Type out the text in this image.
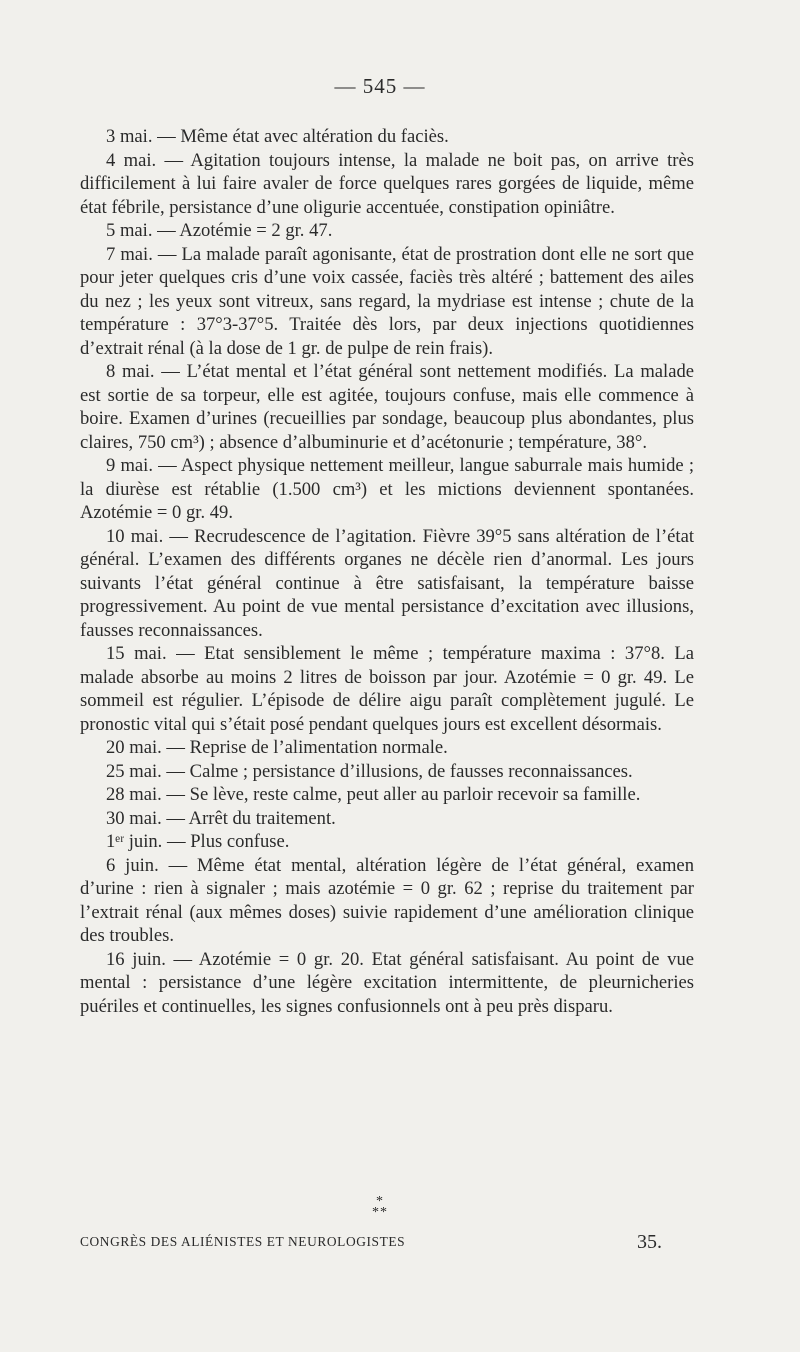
— 545 —

3 mai. — Même état avec altération du faciès.

4 mai. — Agitation toujours intense, la malade ne boit pas, on arrive très difficilement à lui faire avaler de force quelques rares gorgées de liquide, même état fébrile, persistance d’une oligurie accentuée, constipation opiniâtre.

5 mai. — Azotémie = 2 gr. 47.

7 mai. — La malade paraît agonisante, état de prostration dont elle ne sort que pour jeter quelques cris d’une voix cassée, faciès très altéré ; battement des ailes du nez ; les yeux sont vitreux, sans regard, la mydriase est intense ; chute de la température : 37°3-37°5. Traitée dès lors, par deux injections quotidiennes d’extrait rénal (à la dose de 1 gr. de pulpe de rein frais).

8 mai. — L’état mental et l’état général sont nettement modifiés. La malade est sortie de sa torpeur, elle est agitée, toujours confuse, mais elle commence à boire. Examen d’urines (recueillies par sondage, beaucoup plus abondantes, plus claires, 750 cm³) ; absence d’albuminurie et d’acétonurie ; température, 38°.

9 mai. — Aspect physique nettement meilleur, langue saburrale mais humide ; la diurèse est rétablie (1.500 cm³) et les mictions deviennent spontanées. Azotémie = 0 gr. 49.

10 mai. — Recrudescence de l’agitation. Fièvre 39°5 sans altération de l’état général. L’examen des différents organes ne décèle rien d’anormal. Les jours suivants l’état général continue à être satisfaisant, la température baisse progressivement. Au point de vue mental persistance d’excitation avec illusions, fausses reconnaissances.

15 mai. — Etat sensiblement le même ; température maxima : 37°8. La malade absorbe au moins 2 litres de boisson par jour. Azotémie = 0 gr. 49. Le sommeil est régulier. L’épisode de délire aigu paraît complètement jugulé. Le pronostic vital qui s’était posé pendant quelques jours est excellent désormais.

20 mai. — Reprise de l’alimentation normale.

25 mai. — Calme ; persistance d’illusions, de fausses reconnaissances.

28 mai. — Se lève, reste calme, peut aller au parloir recevoir sa famille.

30 mai. — Arrêt du traitement.

1ᵉʳ juin. — Plus confuse.

6 juin. — Même état mental, altération légère de l’état général, examen d’urine : rien à signaler ; mais azotémie = 0 gr. 62 ; reprise du traitement par l’extrait rénal (aux mêmes doses) suivie rapidement d’une amélioration clinique des troubles.

16 juin. — Azotémie = 0 gr. 20. Etat général satisfaisant. Au point de vue mental : persistance d’une légère excitation intermittente, de pleurnicheries puériles et continuelles, les signes confusionnels ont à peu près disparu.

*
**
CONGRÈS DES ALIÉNISTES ET NEUROLOGISTES	35.
